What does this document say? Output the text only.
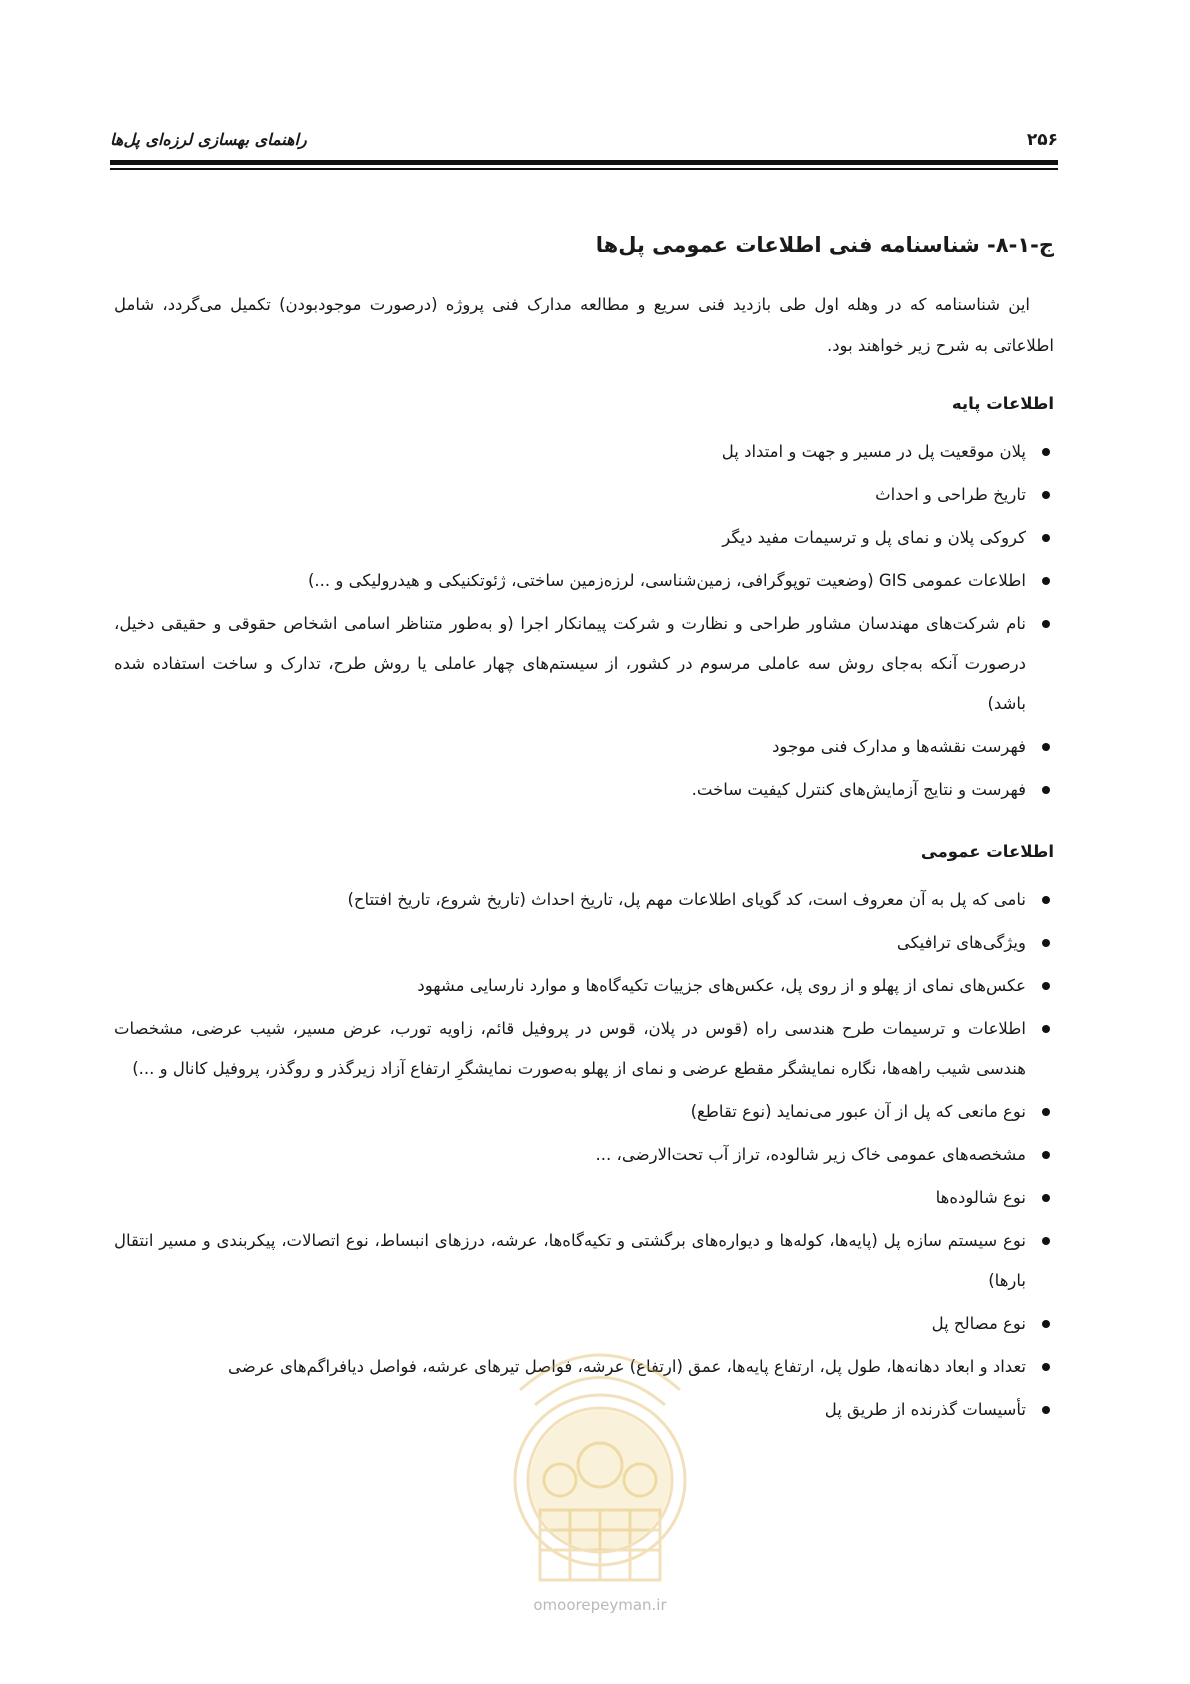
۲۵۶
راهنمای بهسازی لرزه‌ای پل‌ها
ج-۱-۸- شناسنامه فنی اطلاعات عمومی پل‌ها

این شناسنامه که در وهله اول طی بازدید فنی سریع و مطالعه مدارک فنی پروژه (درصورت موجودبودن) تکمیل می‌گردد، شامل اطلاعاتی به شرح زیر خواهند بود.

اطلاعات پایه
پلان موقعیت پل در مسیر و جهت و امتداد پل
تاریخ طراحی و احداث
کروکی پلان و نمای پل و ترسیمات مفید دیگر
اطلاعات عمومی GIS (وضعیت توپوگرافی، زمین‌شناسی، لرزه‌زمین ساختی، ژئوتکنیکی و هیدرولیکی و ...)
نام شرکت‌های مهندسان مشاور طراحی و نظارت و شرکت پیمانکار اجرا (و به‌طور متناظر اسامی اشخاص حقوقی و حقیقی دخیل، درصورت آنکه به‌جای روش سه عاملی مرسوم در کشور، از سیستم‌های چهار عاملی یا روش طرح، تدارک و ساخت استفاده شده باشد)
فهرست نقشه‌ها و مدارک فنی موجود
فهرست و نتایج آزمایش‌های کنترل کیفیت ساخت.
اطلاعات عمومی
نامی که پل به آن معروف است، کد گویای اطلاعات مهم پل، تاریخ احداث (تاریخ شروع، تاریخ افتتاح)
ویژگی‌های ترافیکی
عکس‌های نمای از پهلو و از روی پل، عکس‌های جزییات تکیه‌گاه‌ها و موارد نارسایی مشهود
اطلاعات و ترسیمات طرح هندسی راه (قوس در پلان، قوس در پروفیل قائم، زاویه تورب، عرض مسیر، شیب عرضی، مشخصات هندسی شیب راهه‌ها، نگاره نمایشگر مقطع عرضی و نمای از پهلو به‌صورت نمایشگرِ ارتفاع آزاد زیرگذر و روگذر، پروفیل کانال و ...)
نوع مانعی که پل از آن عبور می‌نماید (نوع تقاطع)
مشخصه‌های عمومی خاک زیر شالوده، تراز آب تحت‌الارضی، ...
نوع شالوده‌ها
نوع سیستم سازه پل (پایه‌ها، کوله‌ها و دیواره‌های برگشتی و تکیه‌گاه‌ها، عرشه، درزهای انبساط، نوع اتصالات، پیکربندی و مسیر انتقال بارها)
نوع مصالح پل
تعداد و ابعاد دهانه‌ها، طول پل، ارتفاع پایه‌ها، عمق (ارتفاع) عرشه، فواصل تیرهای عرشه، فواصل دیافراگم‌های عرضی
تأسیسات گذرنده از طریق پل
omoorepeyman.ir
